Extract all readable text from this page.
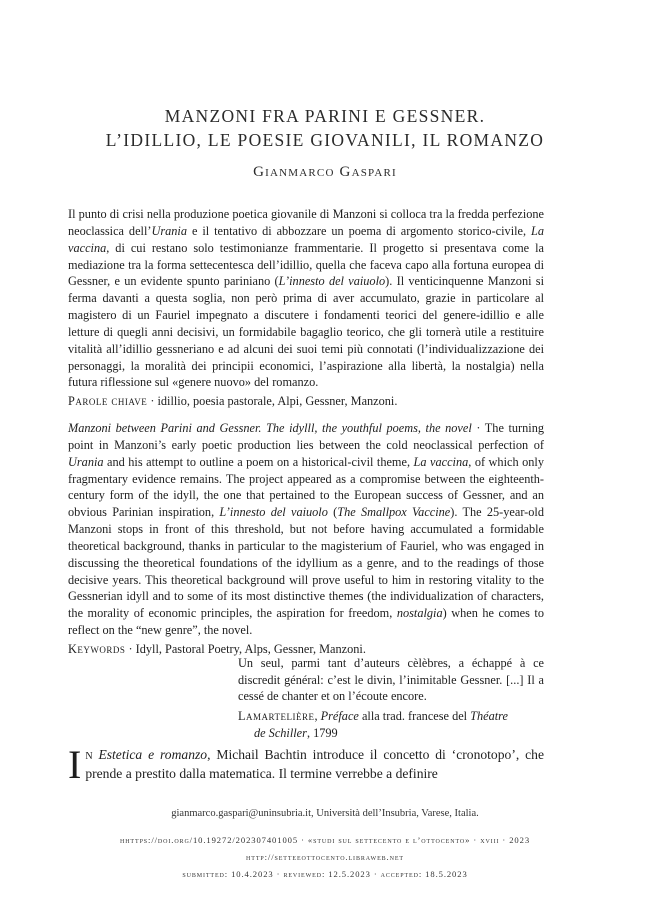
MANZONI FRA PARINI E GESSNER.
L’IDILLIO, LE POESIE GIOVANILI, IL ROMANZO
Gianmarco Gaspari

Il punto di crisi nella produzione poetica giovanile di Manzoni si colloca tra la fredda perfezione neoclassica dell’Urania e il tentativo di abbozzare un poema di argomento storico-civile, La vaccina, di cui restano solo testimonianze frammentarie. Il progetto si presentava come la mediazione tra la forma settecentesca dell’idillio, quella che faceva capo alla fortuna europea di Gessner, e un evidente spunto pariniano (L’innesto del vaiuolo). Il venticinquenne Manzoni si ferma davanti a questa soglia, non però prima di aver accumulato, grazie in particolare al magistero di un Fauriel impegnato a discutere i fondamenti teorici del genere-idillio e alle letture di quegli anni decisivi, un formidabile bagaglio teorico, che gli tornerà utile a restituire vitalità all’idillio gessneriano e ad alcuni dei suoi temi più connotati (l’individualizzazione dei personaggi, la moralità dei principii economici, l’aspirazione alla libertà, la nostalgia) nella futura riflessione sul «genere nuovo» del romanzo.

Parole chiave · idillio, poesia pastorale, Alpi, Gessner, Manzoni.

Manzoni between Parini and Gessner. The idylll, the youthful poems, the novel · The turning point in Manzoni’s early poetic production lies between the cold neoclassical perfection of Urania and his attempt to outline a poem on a historical-civil theme, La vaccina, of which only fragmentary evidence remains. The project appeared as a compromise between the eighteenth-century form of the idyll, the one that pertained to the European success of Gessner, and an obvious Parinian inspiration, L’innesto del vaiuolo (The Smallpox Vaccine). The 25-year-old Manzoni stops in front of this threshold, but not before having accumulated a formidable theoretical background, thanks in particular to the magisterium of Fauriel, who was engaged in discussing the theoretical foundations of the idyllium as a genre, and to the readings of those decisive years. This theoretical background will prove useful to him in restoring vitality to the Gessnerian idyll and to some of its most distinctive themes (the individualization of characters, the morality of economic principles, the aspiration for freedom, nostalgia) when he comes to reflect on the “new genre”, the novel.

Keywords · Idyll, Pastoral Poetry, Alps, Gessner, Manzoni.

Un seul, parmi tant d’auteurs cèlèbres, a échappé à ce discredit général: c’est le divin, l’inimitable Gessner. [...] Il a cessé de chanter et on l’écoute encore.

Lamartelière, Préface alla trad. francese del Théatre
de Schiller, 1799

In Estetica e romanzo, Michail Bachtin introduce il concetto di ‘cronotopo’, che prende a prestito dalla matematica. Il termine verrebbe a definire
gianmarco.gaspari@uninsubria.it, Università dell’Insubria, Varese, Italia.
hhttps://doi.org/10.19272/202307401005 · «studi sul settecento e l’ottocento» · xviii · 2023
http://setteeottocento.libraweb.net
submitted: 10.4.2023 · reviewed: 12.5.2023 · accepted: 18.5.2023
